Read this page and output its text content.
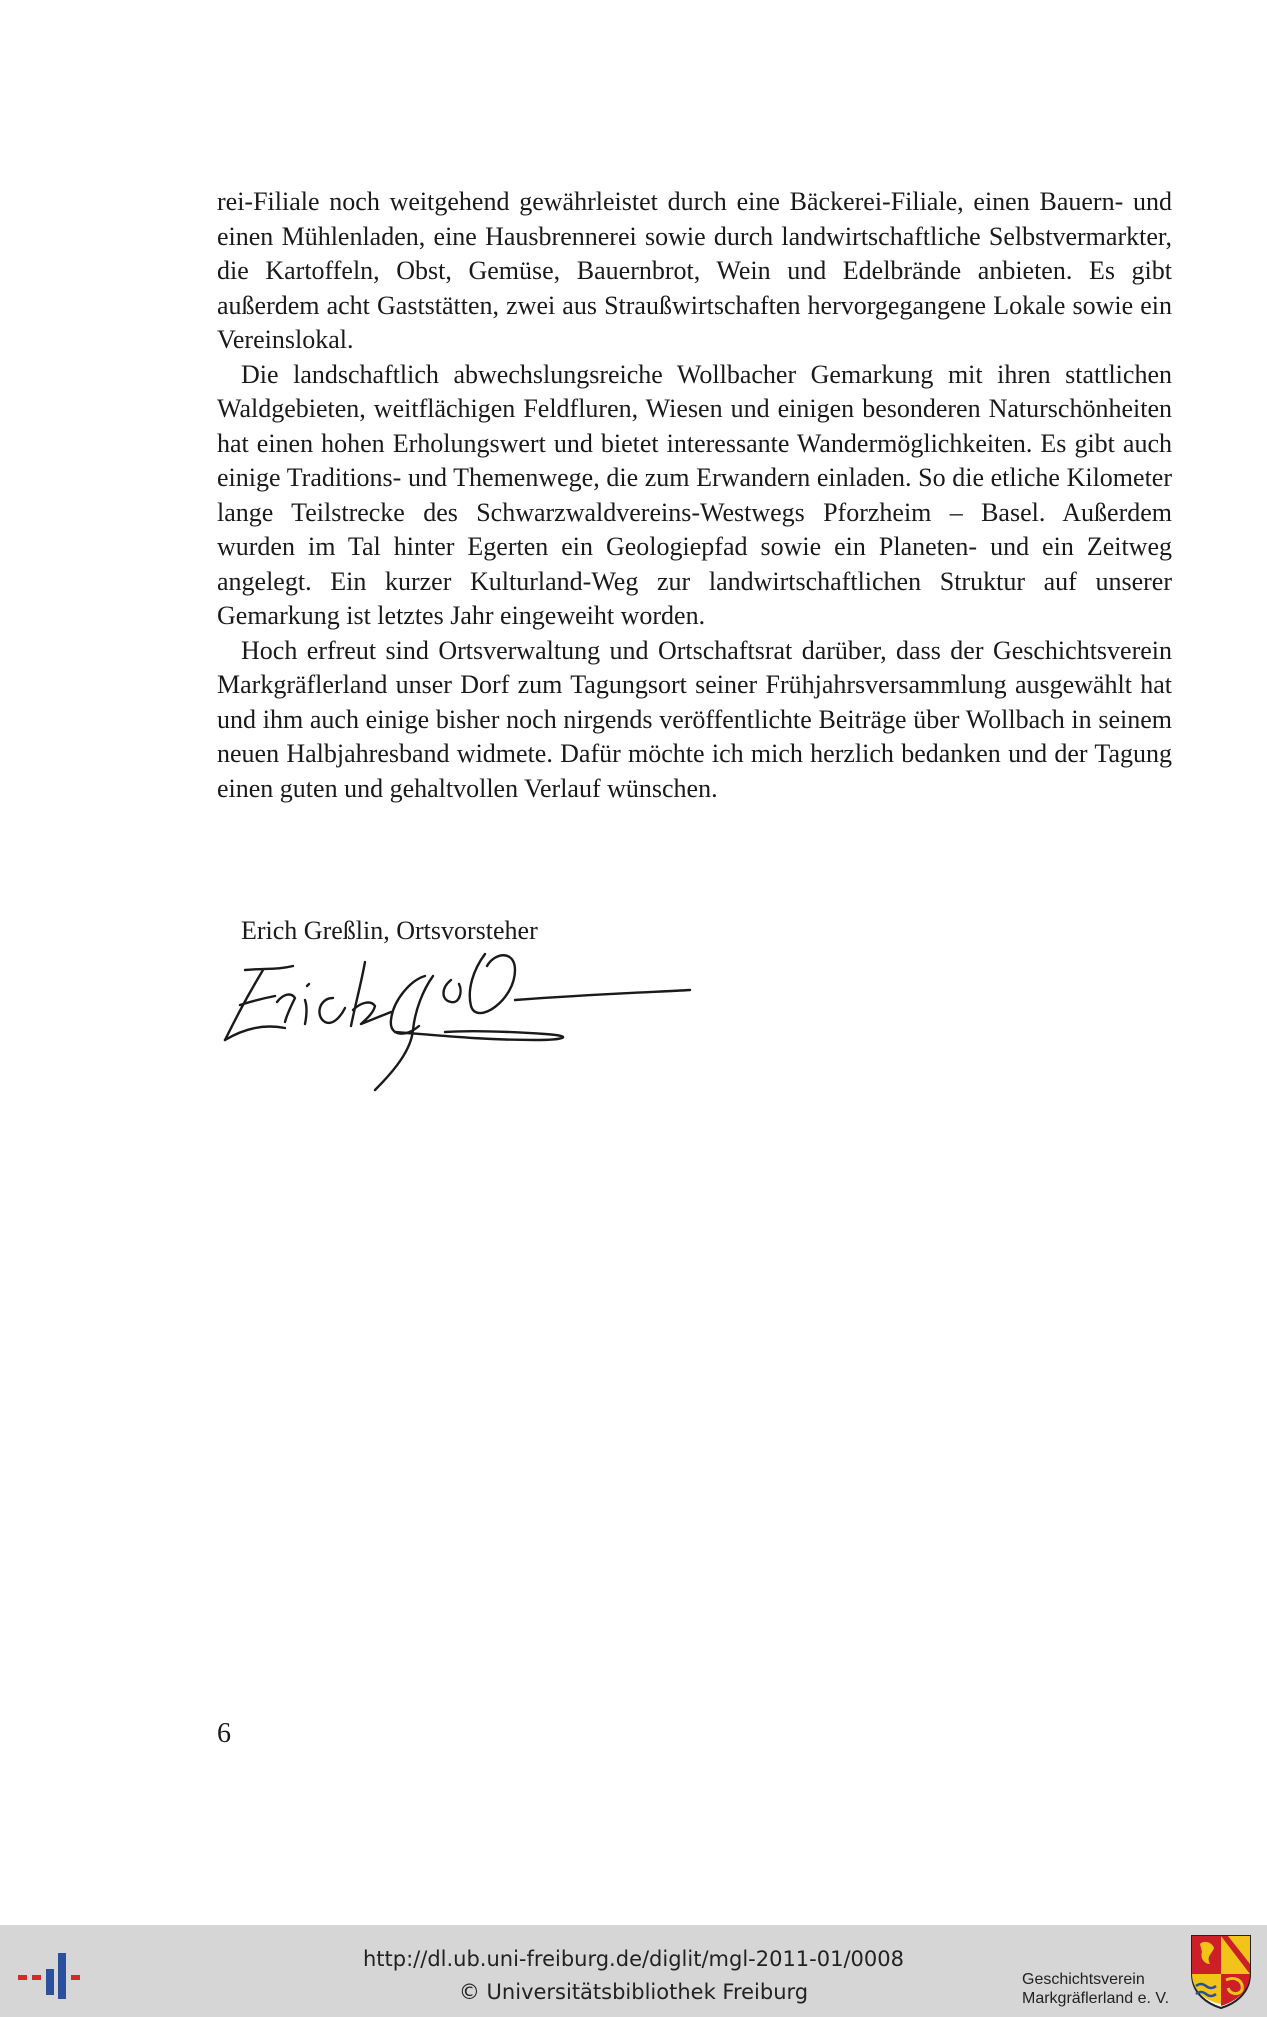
rei-Filiale noch weitgehend gewährleistet durch eine Bäckerei-Filiale, einen Bauern- und einen Mühlenladen, eine Hausbrennerei sowie durch landwirtschaftliche Selbstvermarkter, die Kartoffeln, Obst, Gemüse, Bauernbrot, Wein und Edelbrände anbieten. Es gibt außerdem acht Gaststätten, zwei aus Straußwirtschaften hervorgegangene Lokale sowie ein Vereinslokal.

Die landschaftlich abwechslungsreiche Wollbacher Gemarkung mit ihren stattlichen Waldgebieten, weitflächigen Feldfluren, Wiesen und einigen besonderen Naturschönheiten hat einen hohen Erholungswert und bietet interessante Wandermöglichkeiten. Es gibt auch einige Traditions- und Themenwege, die zum Erwandern einladen. So die etliche Kilometer lange Teilstrecke des Schwarzwaldvereins-Westwegs Pforzheim – Basel. Außerdem wurden im Tal hinter Egerten ein Geologiepfad sowie ein Planeten- und ein Zeitweg angelegt. Ein kurzer Kulturland-Weg zur landwirtschaftlichen Struktur auf unserer Gemarkung ist letztes Jahr eingeweiht worden.

Hoch erfreut sind Ortsverwaltung und Ortschaftsrat darüber, dass der Geschichtsverein Markgräflerland unser Dorf zum Tagungsort seiner Frühjahrsversammlung ausgewählt hat und ihm auch einige bisher noch nirgends veröffentlichte Beiträge über Wollbach in seinem neuen Halbjahresband widmete. Dafür möchte ich mich herzlich bedanken und der Tagung einen guten und gehaltvollen Verlauf wünschen.

Erich Greßlin, Ortsvorsteher
6
http://dl.ub.uni-freiburg.de/diglit/mgl-2011-01/0008
© Universitätsbibliothek Freiburg
Geschichtsverein
Markgräflerland e. V.
